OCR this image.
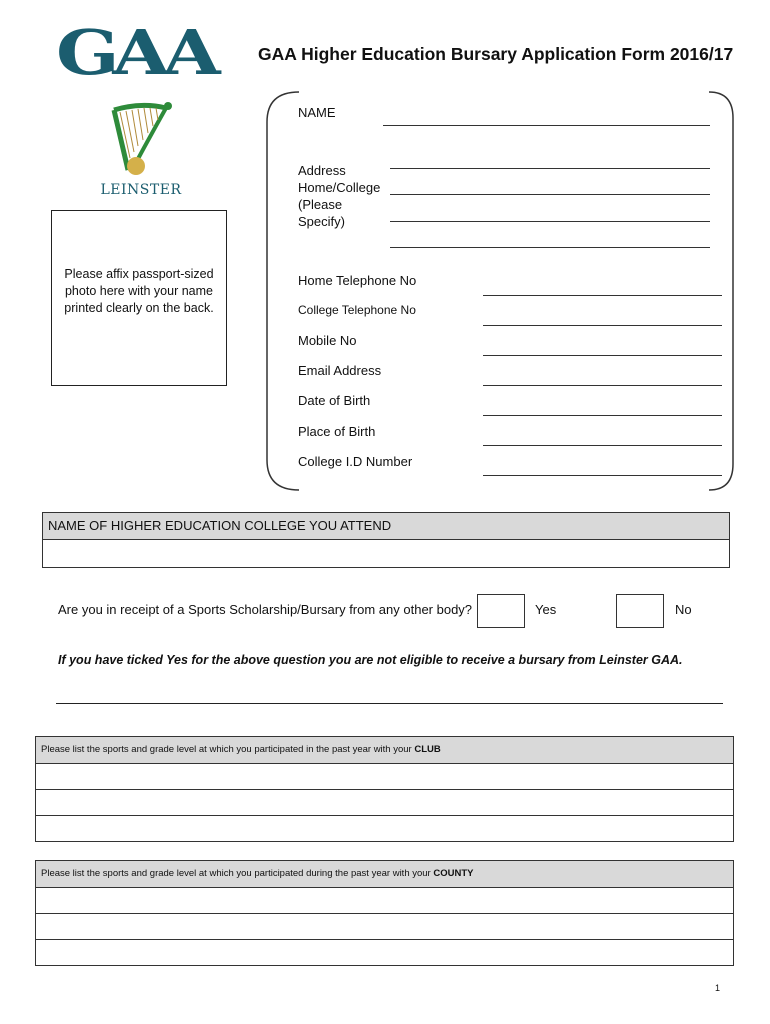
GAA
LEINSTER
GAA Higher Education Bursary Application Form 2016/17
Please affix passport-sized photo here with your name printed clearly on the back.
NAME
Address
Home/College
(Please
Specify)
Home Telephone No
College Telephone No
Mobile No
Email Address
Date of Birth
Place of Birth
College I.D Number
NAME OF HIGHER EDUCATION COLLEGE YOU ATTEND
Are you in receipt of a Sports Scholarship/Bursary from any other body?	Yes	No
If you have ticked Yes for the above question you are not eligible to receive a bursary from Leinster GAA.
Please list the sports and grade level at which you participated in the past year with your CLUB
Please list the sports and grade level at which you participated during the past year with your COUNTY
1
